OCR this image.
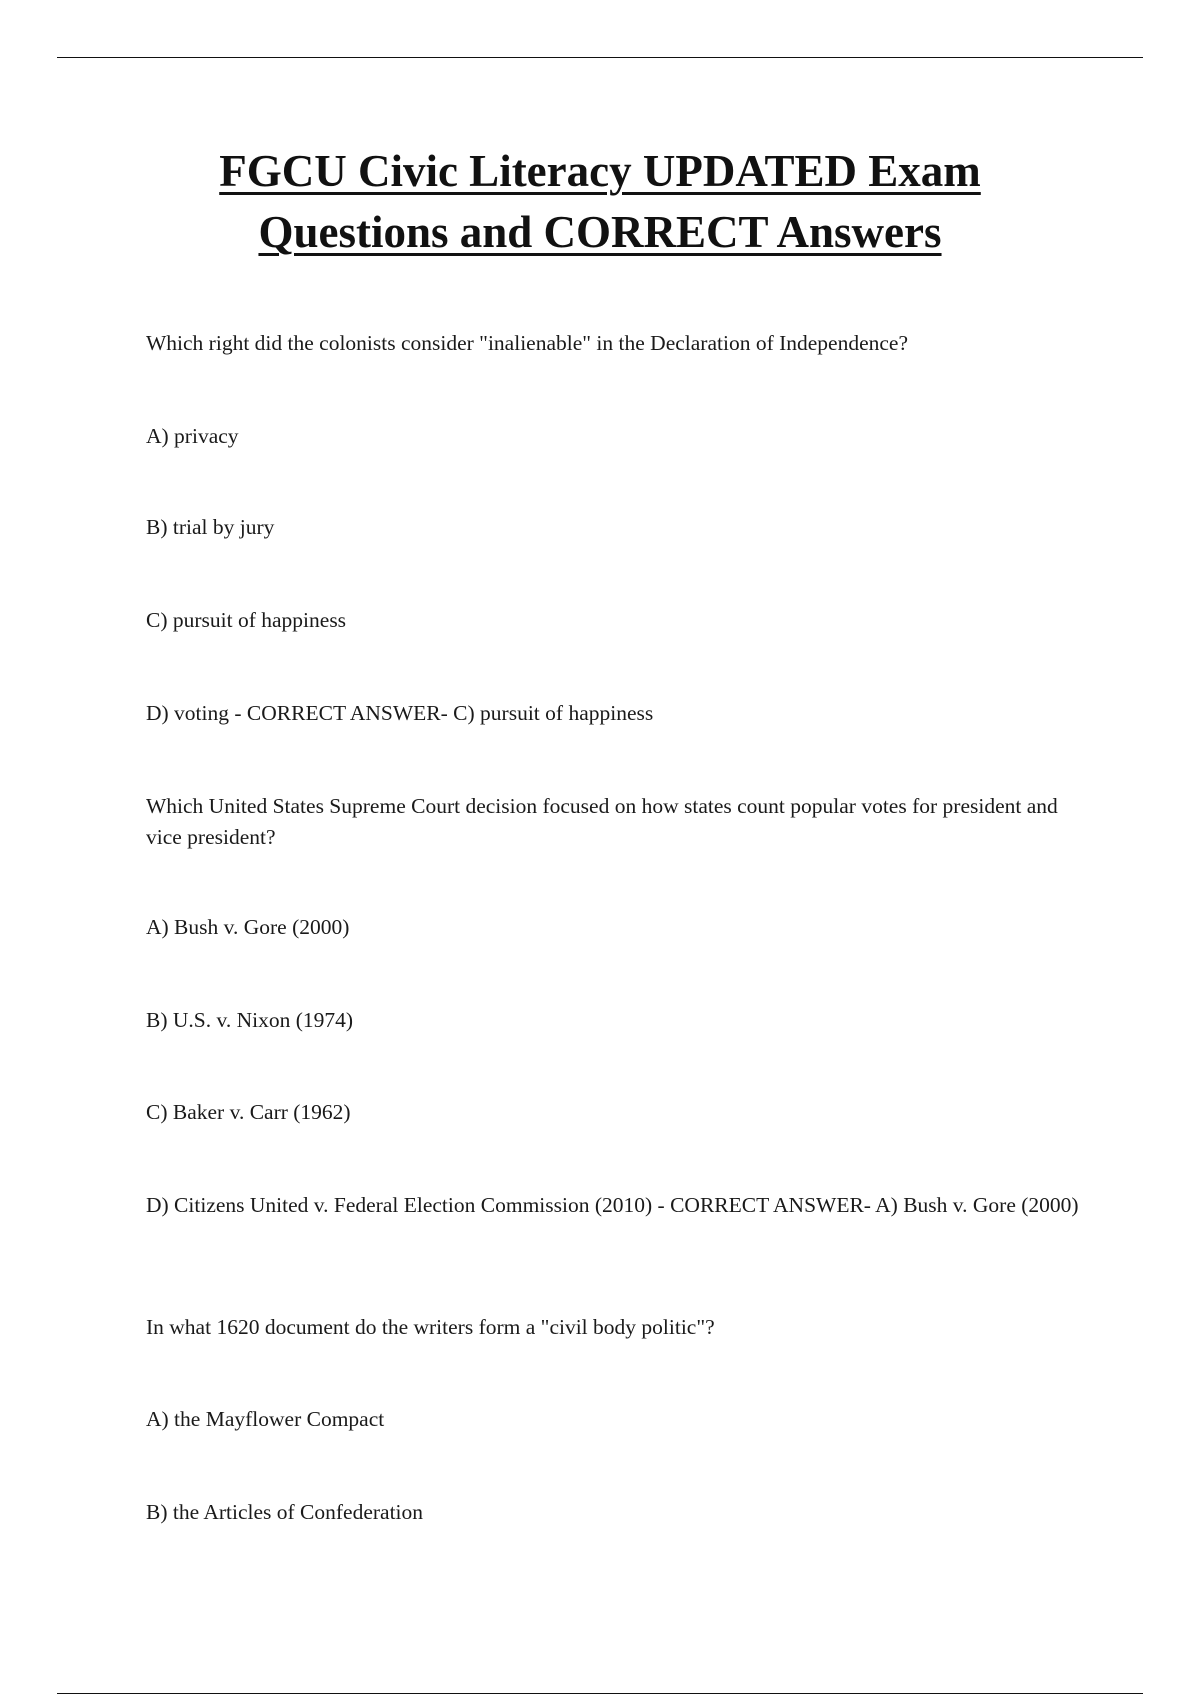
FGCU Civic Literacy UPDATED Exam
Questions and CORRECT Answers
Which right did the colonists consider "inalienable" in the Declaration of Independence?
A) privacy
B) trial by jury
C) pursuit of happiness
D) voting - CORRECT ANSWER- C) pursuit of happiness
Which United States Supreme Court decision focused on how states count popular votes for president and vice president?
A) Bush v. Gore (2000)
B) U.S. v. Nixon (1974)
C) Baker v. Carr (1962)
D) Citizens United v. Federal Election Commission (2010) - CORRECT ANSWER- A) Bush v. Gore (2000)
In what 1620 document do the writers form a "civil body politic"?
A) the Mayflower Compact
B) the Articles of Confederation
